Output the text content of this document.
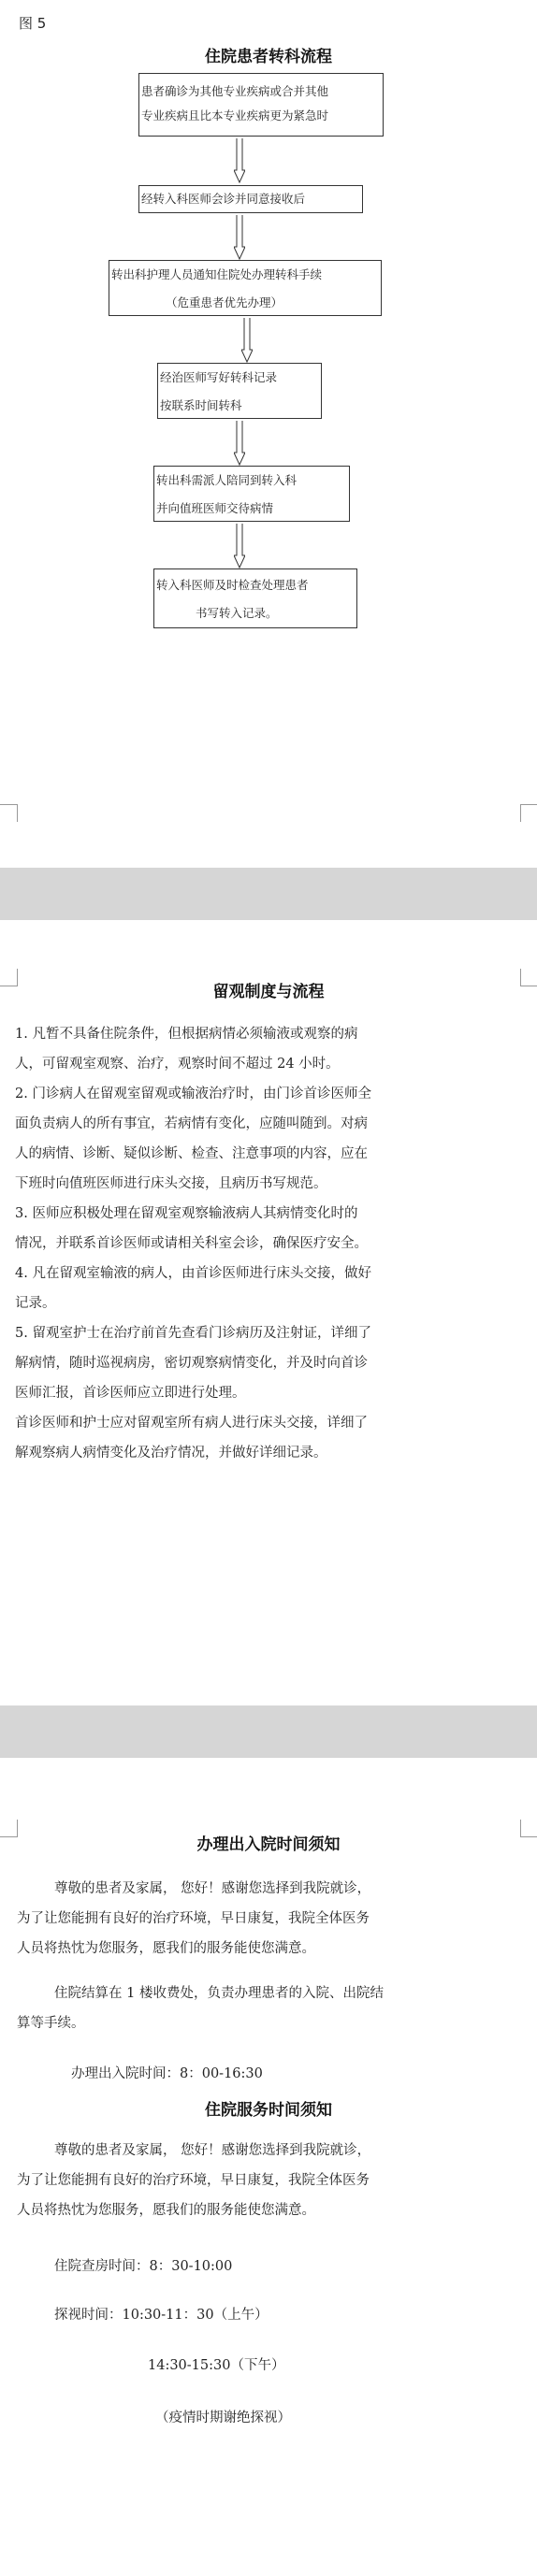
图 5
住院患者转科流程
患者确诊为其他专业疾病或合并其他
专业疾病且比本专业疾病更为紧急时
经转入科医师会诊并同意接收后
转出科护理人员通知住院处办理转科手续
（危重患者优先办理）
经治医师写好转科记录
按联系时间转科
转出科需派人陪同到转入科
并向值班医师交待病情
转入科医师及时检查处理患者
书写转入记录。
留观制度与流程
1. 凡暂不具备住院条件，但根据病情必须输液或观察的病
人，可留观室观察、治疗，观察时间不超过 24 小时。
2. 门诊病人在留观室留观或输液治疗时，由门诊首诊医师全
面负责病人的所有事宜，若病情有变化，应随叫随到。对病
人的病情、诊断、疑似诊断、检查、注意事项的内容，应在
下班时向值班医师进行床头交接，且病历书写规范。
3. 医师应积极处理在留观室观察输液病人其病情变化时的
情况，并联系首诊医师或请相关科室会诊，确保医疗安全。
4. 凡在留观室输液的病人，由首诊医师进行床头交接，做好
记录。
5. 留观室护士在治疗前首先查看门诊病历及注射证，详细了
解病情，随时巡视病房，密切观察病情变化，并及时向首诊
医师汇报，首诊医师应立即进行处理。
首诊医师和护士应对留观室所有病人进行床头交接，详细了
解观察病人病情变化及治疗情况，并做好详细记录。
办理出入院时间须知
尊敬的患者及家属， 您好！感谢您选择到我院就诊，
为了让您能拥有良好的治疗环境，早日康复，我院全体医务
人员将热忱为您服务，愿我们的服务能使您满意。
住院结算在 1 楼收费处，负责办理患者的入院、出院结
算等手续。
办理出入院时间：8：00-16:30
住院服务时间须知
尊敬的患者及家属， 您好！感谢您选择到我院就诊，
为了让您能拥有良好的治疗环境，早日康复，我院全体医务
人员将热忱为您服务，愿我们的服务能使您满意。
住院查房时间：8：30-10:00
探视时间：10:30-11：30（上午）
14:30-15:30（下午）
（疫情时期谢绝探视）
